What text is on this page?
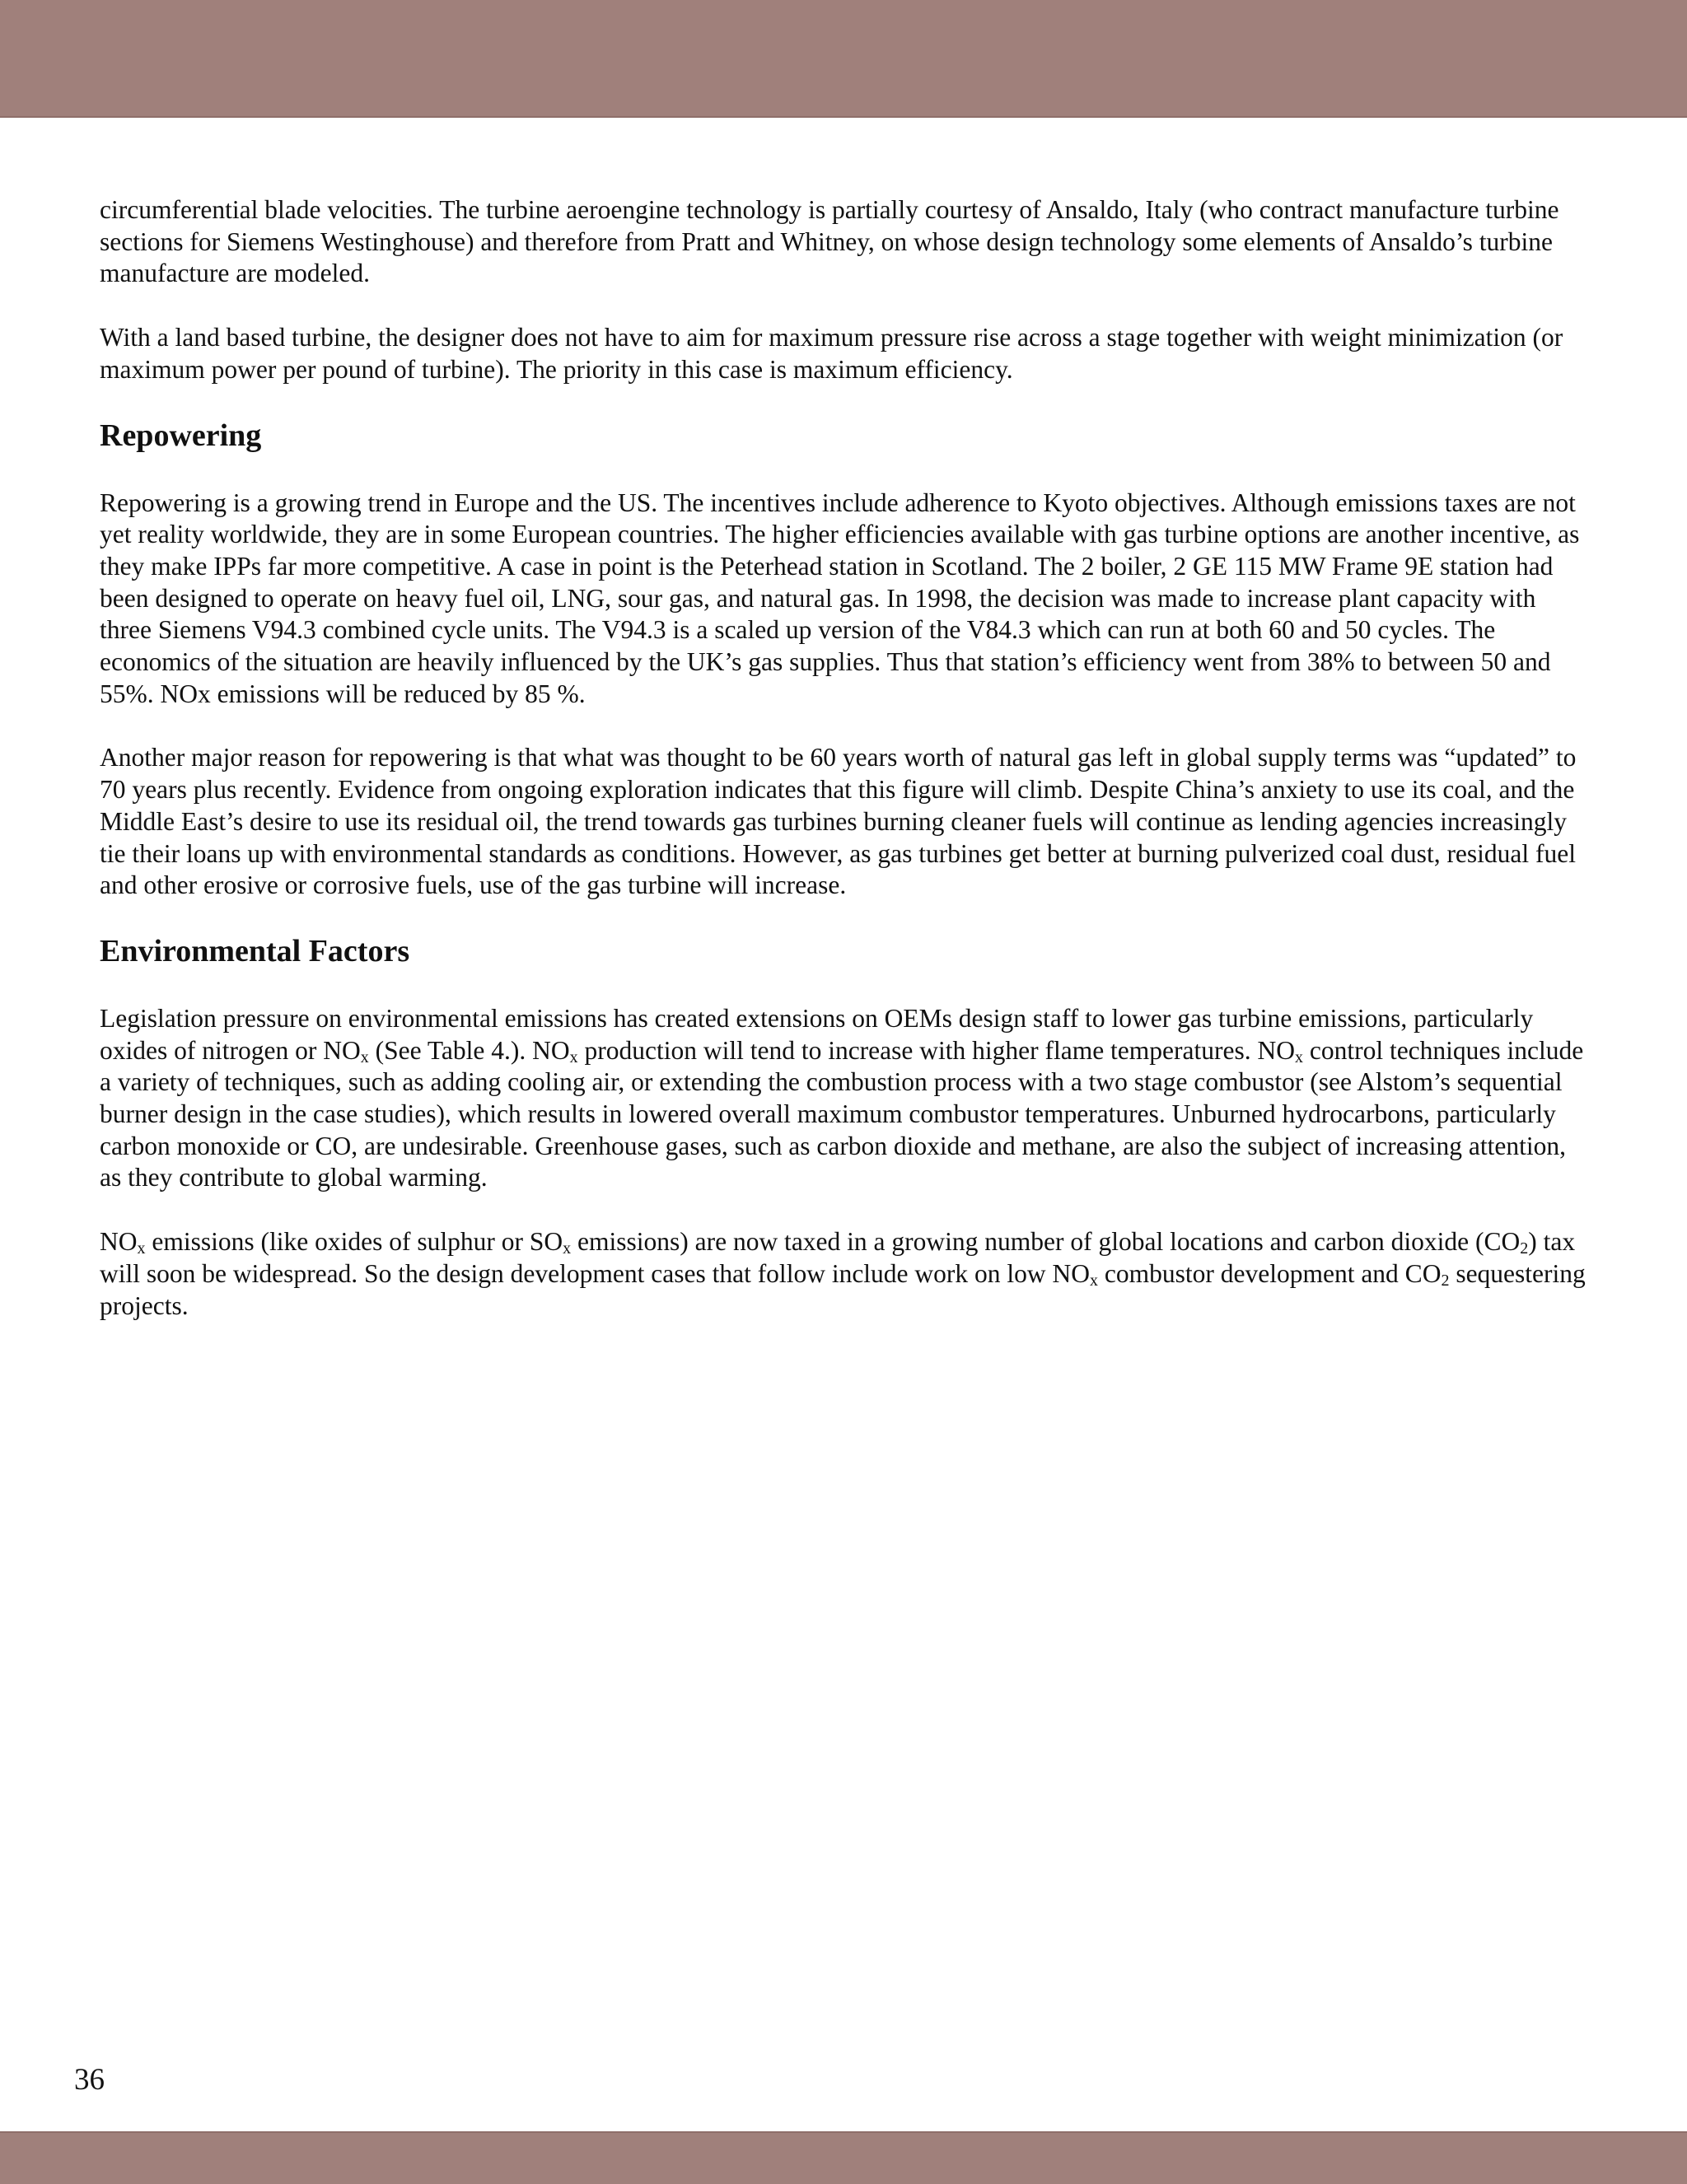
circumferential blade velocities. The turbine aeroengine technology is partially courtesy of Ansaldo, Italy (who contract manufacture turbine sections for Siemens Westinghouse) and therefore from Pratt and Whitney, on whose design technology some elements of Ansaldo’s turbine manufacture are modeled.

With a land based turbine, the designer does not have to aim for maximum pressure rise across a stage together with weight minimization (or maximum power per pound of turbine). The priority in this case is maximum efficiency.

Repowering

Repowering is a growing trend in Europe and the US. The incentives include adherence to Kyoto objectives. Although emissions taxes are not yet reality worldwide, they are in some European countries. The higher efficiencies available with gas turbine options are another incentive, as they make IPPs far more competitive. A case in point is the Peterhead station in Scotland. The 2 boiler, 2 GE 115 MW Frame 9E station had been designed to operate on heavy fuel oil, LNG, sour gas, and natural gas. In 1998, the decision was made to increase plant capacity with three Siemens V94.3 combined cycle units. The V94.3 is a scaled up version of the V84.3 which can run at both 60 and 50 cycles. The economics of the situation are heavily influenced by the UK’s gas supplies. Thus that station’s efficiency went from 38% to between 50 and 55%. NOx emissions will be reduced by 85 %.

Another major reason for repowering is that what was thought to be 60 years worth of natural gas left in global supply terms was “updated” to 70 years plus recently. Evidence from ongoing exploration indicates that this figure will climb. Despite China’s anxiety to use its coal, and the Middle East’s desire to use its residual oil, the trend towards gas turbines burning cleaner fuels will continue as lending agencies increasingly tie their loans up with environmental standards as conditions. However, as gas turbines get better at burning pulverized coal dust, residual fuel and other erosive or corrosive fuels, use of the gas turbine will increase.

Environmental Factors

Legislation pressure on environmental emissions has created extensions on OEMs design staff to lower gas turbine emissions, particularly oxides of nitrogen or $NO_x$ (See Table 4.). $NO_x$ production will tend to increase with higher flame temperatures. $NO_x$ control techniques include a variety of techniques, such as adding cooling air, or extending the combustion process with a two stage combustor (see Alstom’s sequential burner design in the case studies), which results in lowered overall maximum combustor temperatures. Unburned hydrocarbons, particularly carbon monoxide or CO, are undesirable. Greenhouse gases, such as carbon dioxide and methane, are also the subject of increasing attention, as they contribute to global warming.

$NO_x$ emissions (like oxides of sulphur or $SO_x$ emissions) are now taxed in a growing number of global locations and carbon dioxide $(CO_2)$ tax will soon be widespread. So the design development cases that follow include work on low $NO_x$ combustor development and $CO_2$ sequestering projects.

36
